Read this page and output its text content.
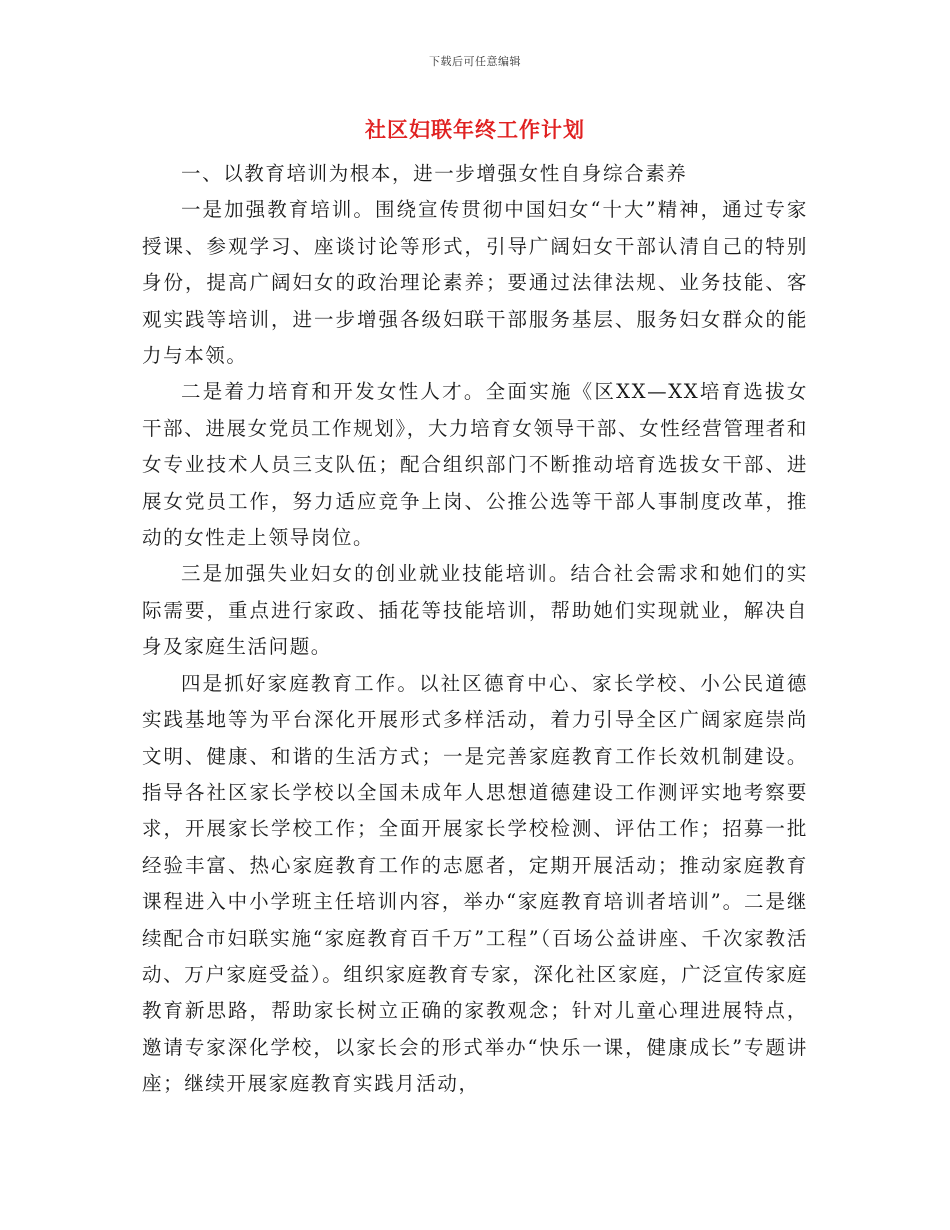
下载后可任意编辑
社区妇联年终工作计划

一、以教育培训为根本，进一步增强女性自身综合素养

一是加强教育培训。围绕宣传贯彻中国妇女“十大”精神，通过专家授课、参观学习、座谈讨论等形式，引导广阔妇女干部认清自己的特别身份，提高广阔妇女的政治理论素养；要通过法律法规、业务技能、客观实践等培训，进一步增强各级妇联干部服务基层、服务妇女群众的能力与本领。

二是着力培育和开发女性人才。全面实施《区XX—XX培育选拔女干部、进展女党员工作规划》，大力培育女领导干部、女性经营管理者和女专业技术人员三支队伍；配合组织部门不断推动培育选拔女干部、进展女党员工作，努力适应竞争上岗、公推公选等干部人事制度改革，推动的女性走上领导岗位。

三是加强失业妇女的创业就业技能培训。结合社会需求和她们的实际需要，重点进行家政、插花等技能培训，帮助她们实现就业，解决自身及家庭生活问题。

四是抓好家庭教育工作。以社区德育中心、家长学校、小公民道德实践基地等为平台深化开展形式多样活动，着力引导全区广阔家庭崇尚文明、健康、和谐的生活方式；一是完善家庭教育工作长效机制建设。指导各社区家长学校以全国未成年人思想道德建设工作测评实地考察要求，开展家长学校工作；全面开展家长学校检测、评估工作；招募一批经验丰富、热心家庭教育工作的志愿者，定期开展活动；推动家庭教育课程进入中小学班主任培训内容，举办“家庭教育培训者培训”。二是继续配合市妇联实施“家庭教育百千万”工程”（百场公益讲座、千次家教活动、万户家庭受益）。组织家庭教育专家，深化社区家庭，广泛宣传家庭教育新思路，帮助家长树立正确的家教观念；针对儿童心理进展特点，邀请专家深化学校，以家长会的形式举办“快乐一课，健康成长”专题讲座；继续开展家庭教育实践月活动，
